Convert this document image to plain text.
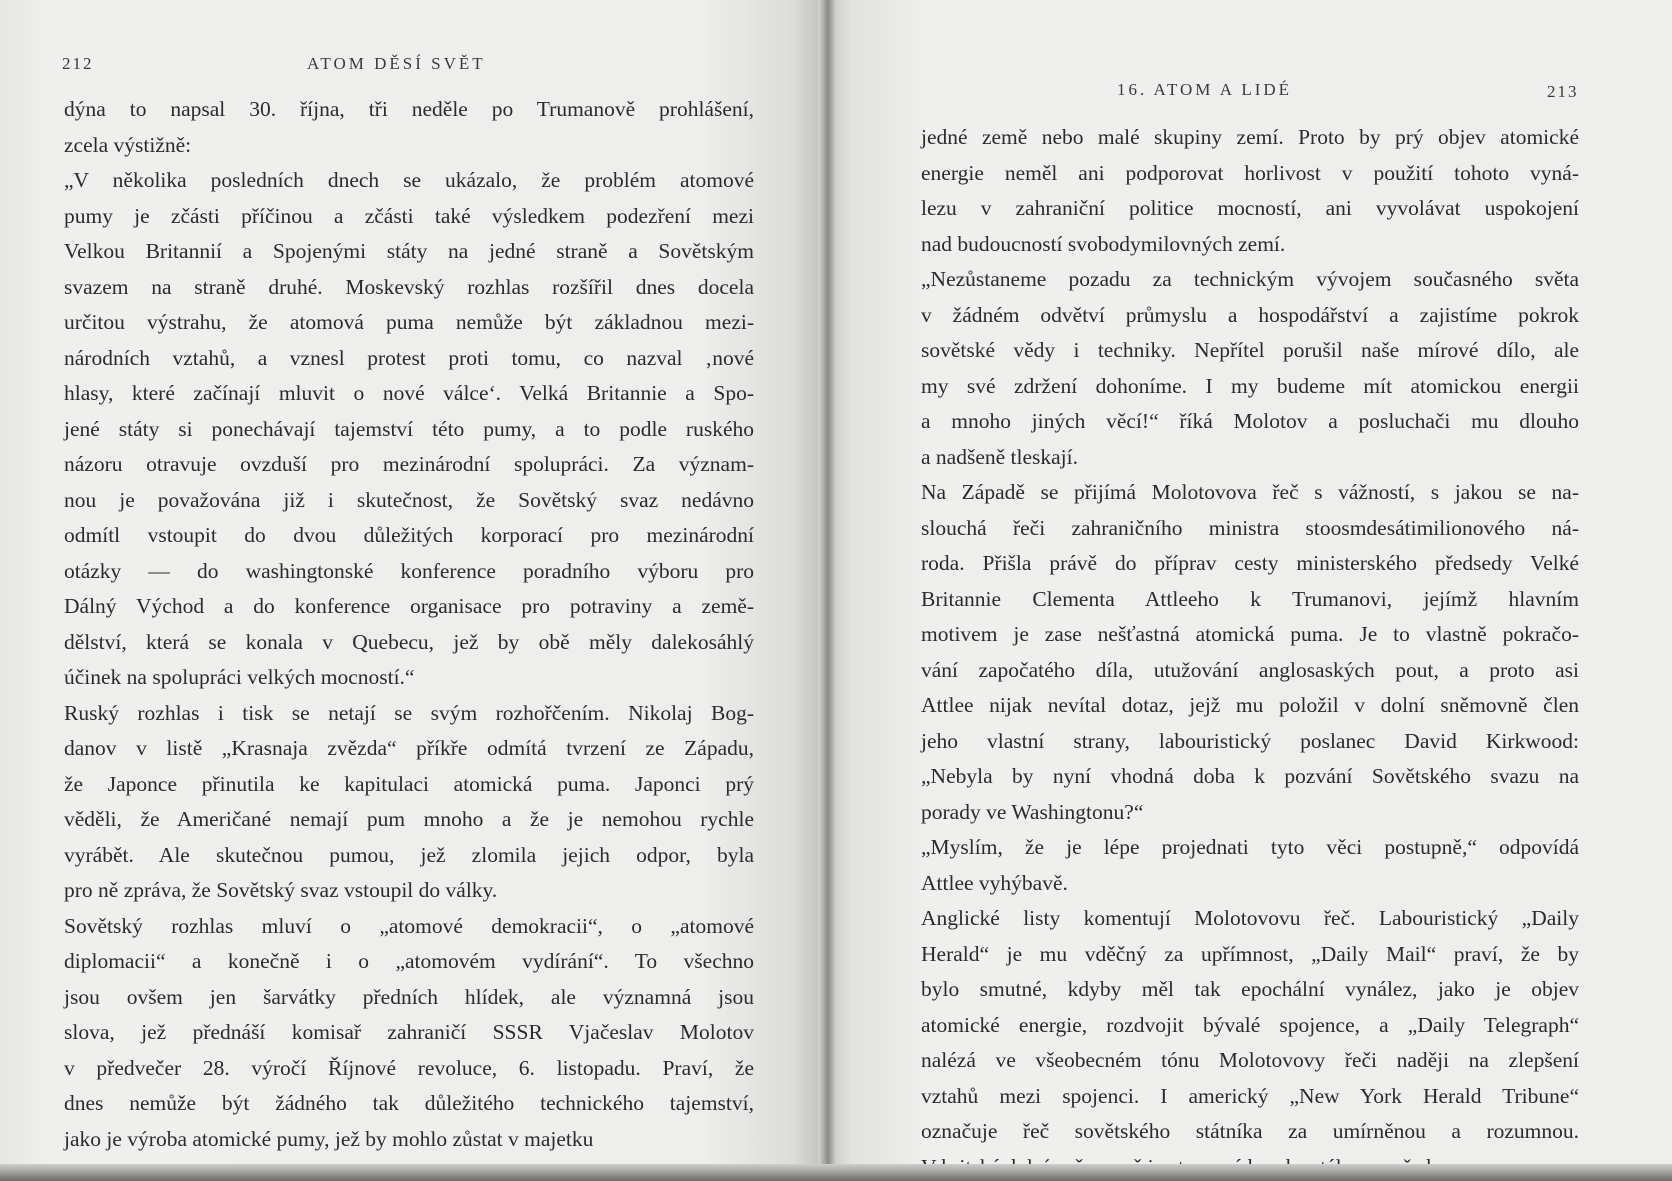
212	ATOM DĚSÍ SVĚT
dýna to napsal 30. října, tři neděle po Trumanově prohlášení,
zcela výstižně:
„V několika posledních dnech se ukázalo, že problém atomové
pumy je zčásti příčinou a zčásti také výsledkem podezření mezi
Velkou Britannií a Spojenými státy na jedné straně a Sovětským
svazem na straně druhé. Moskevský rozhlas rozšířil dnes docela
určitou výstrahu, že atomová puma nemůže být základnou mezi-
národních vztahů, a vznesl protest proti tomu, co nazval ‚nové
hlasy, které začínají mluvit o nové válce‘. Velká Britannie a Spo-
jené státy si ponechávají tajemství této pumy, a to podle ruského
názoru otravuje ovzduší pro mezinárodní spolupráci. Za význam-
nou je považována již i skutečnost, že Sovětský svaz nedávno
odmítl vstoupit do dvou důležitých korporací pro mezinárodní
otázky — do washingtonské konference poradního výboru pro
Dálný Východ a do konference organisace pro potraviny a země-
dělství, která se konala v Quebecu, jež by obě měly dalekosáhlý
účinek na spolupráci velkých mocností.“
Ruský rozhlas i tisk se netají se svým rozhořčením. Nikolaj Bog-
danov v listě „Krasnaja zvězda“ příkře odmítá tvrzení ze Západu,
že Japonce přinutila ke kapitulaci atomická puma. Japonci prý
věděli, že Američané nemají pum mnoho a že je nemohou rychle
vyrábět. Ale skutečnou pumou, jež zlomila jejich odpor, byla
pro ně zpráva, že Sovětský svaz vstoupil do války.
Sovětský rozhlas mluví o „atomové demokracii“, o „atomové
diplomacii“ a konečně i o „atomovém vydírání“. To všechno
jsou ovšem jen šarvátky předních hlídek, ale významná jsou
slova, jež přednáší komisař zahraničí SSSR Vjačeslav Molotov
v předvečer 28. výročí Říjnové revoluce, 6. listopadu. Praví, že
dnes nemůže být žádného tak důležitého technického tajemství,
jako je výroba atomické pumy, jež by mohlo zůstat v majetku
16. ATOM A LIDÉ	213
jedné země nebo malé skupiny zemí. Proto by prý objev atomické
energie neměl ani podporovat horlivost v použití tohoto vyná-
lezu v zahraniční politice mocností, ani vyvolávat uspokojení
nad budoucností svobodymilovných zemí.
„Nezůstaneme pozadu za technickým vývojem současného světa
v žádném odvětví průmyslu a hospodářství a zajistíme pokrok
sovětské vědy i techniky. Nepřítel porušil naše mírové dílo, ale
my své zdržení dohoníme. I my budeme mít atomickou energii
a mnoho jiných věcí!“ říká Molotov a posluchači mu dlouho
a nadšeně tleskají.
Na Západě se přijímá Molotovova řeč s vážností, s jakou se na-
slouchá řeči zahraničního ministra stoosmdesátimilionového ná-
roda. Přišla právě do příprav cesty ministerského předsedy Velké
Britannie Clementa Attleeho k Trumanovi, jejímž hlavním
motivem je zase nešťastná atomická puma. Je to vlastně pokračo-
vání započatého díla, utužování anglosaských pout, a proto asi
Attlee nijak nevítal dotaz, jejž mu položil v dolní sněmovně člen
jeho vlastní strany, labouristický poslanec David Kirkwood:
„Nebyla by nyní vhodná doba k pozvání Sovětského svazu na
porady ve Washingtonu?“
„Myslím, že je lépe projednati tyto věci postupně,“ odpovídá
Attlee vyhýbavě.
Anglické listy komentují Molotovovu řeč. Labouristický „Daily
Herald“ je mu vděčný za upřímnost, „Daily Mail“ praví, že by
bylo smutné, kdyby měl tak epochální vynález, jako je objev
atomické energie, rozdvojit bývalé spojence, a „Daily Telegraph“
nalézá ve všeobecném tónu Molotovovy řeči naději na zlepšení
vztahů mezi spojenci. I americký „New York Herald Tribune“
označuje řeč sovětského státníka za umírněnou a rozumnou.
